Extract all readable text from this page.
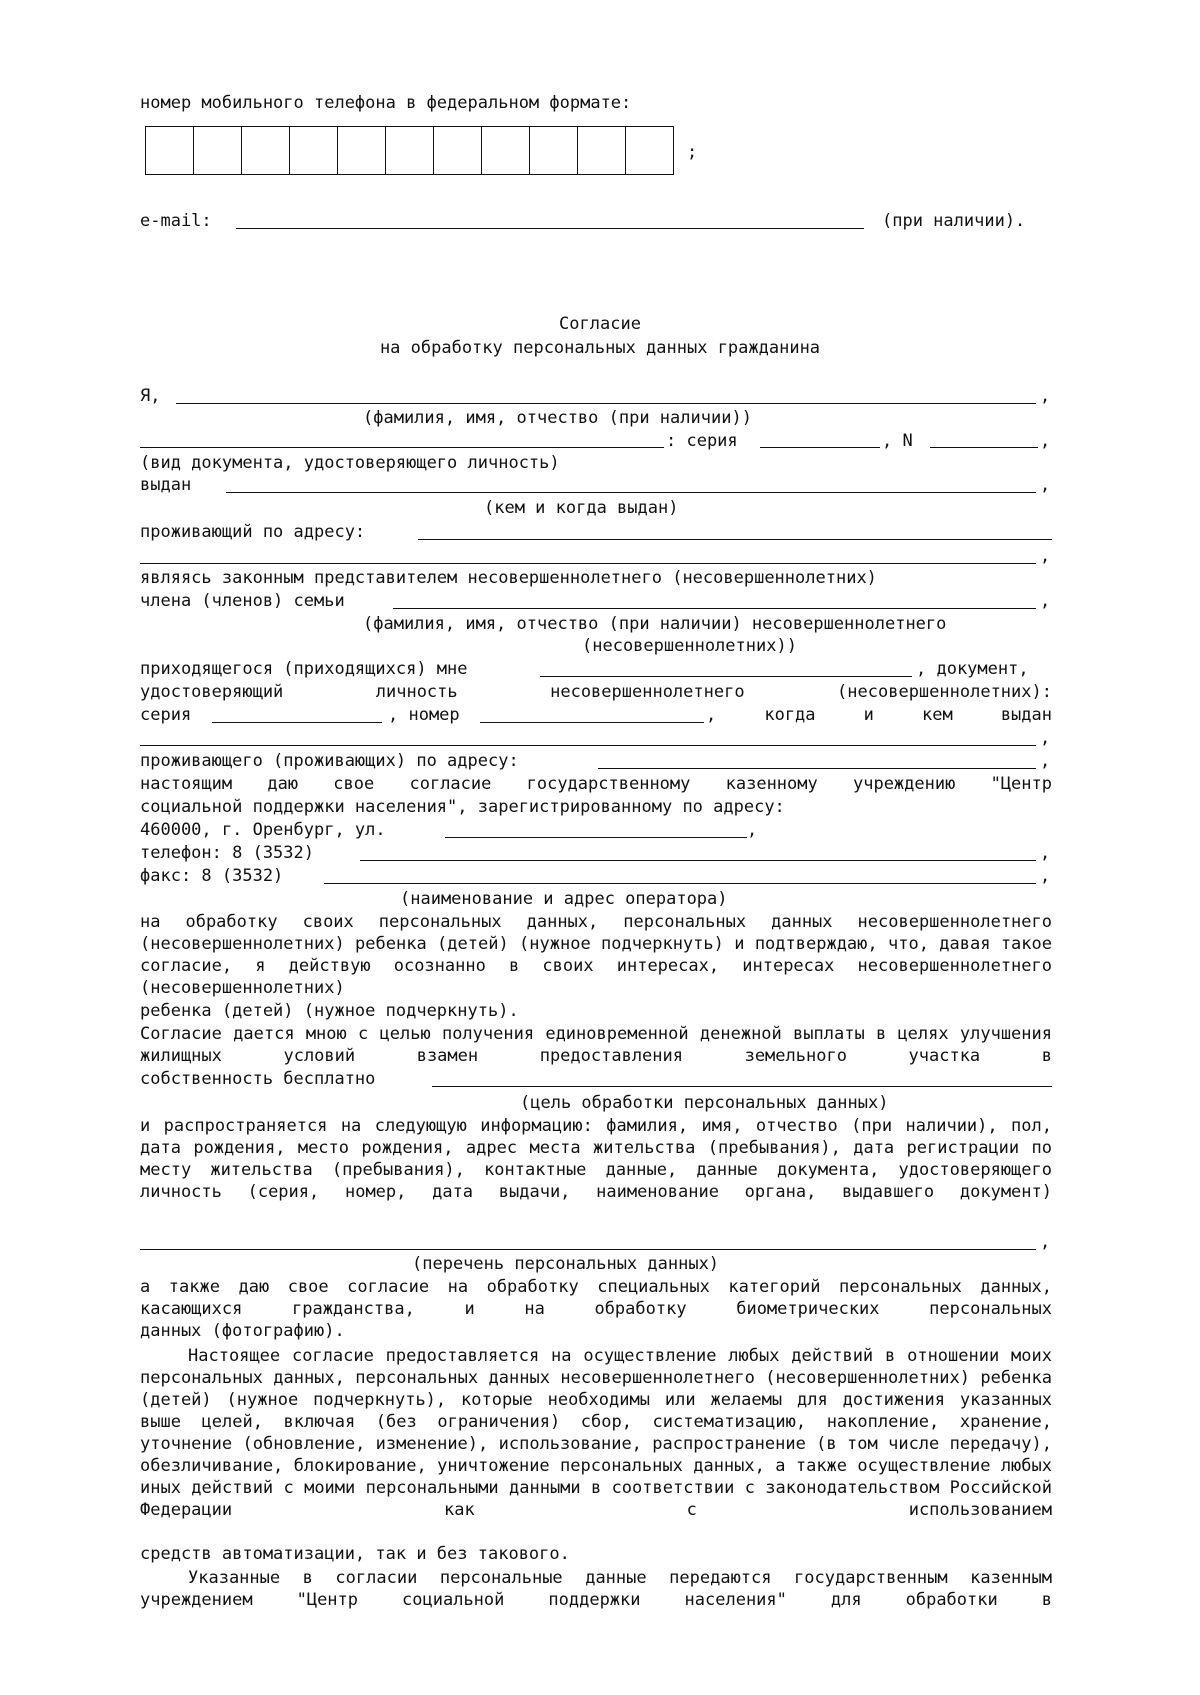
номер мобильного телефона в федеральном формате:
;
e-mail:	(при наличии).
Согласие
на обработку персональных данных гражданина
Я,	,
(фамилия, имя, отчество (при наличии))
: серия	, N	,
(вид документа, удостоверяющего личность)
выдан	,
(кем и когда выдан)
проживающий по адресу:
,
являясь законным представителем несовершеннолетнего (несовершеннолетних)
члена (членов) семьи	,
(фамилия, имя, отчество (при наличии) несовершеннолетнего
(несовершеннолетних))
приходящегося (приходящихся) мне	, документ,
удостоверяющий личность несовершеннолетнего (несовершеннолетних):
серия	, номер	, когда и кем выдан
,
проживающего (проживающих) по адресу:	,
настоящим даю свое согласие государственному казенному учреждению "Центр
социальной поддержки населения", зарегистрированному по адресу:
460000, г. Оренбург, ул.	,
телефон: 8 (3532)	,
факс: 8 (3532)	,
(наименование и адрес оператора)
на обработку своих персональных данных, персональных данных несовершеннолетнего (несовершеннолетних) ребенка (детей) (нужное подчеркнуть) и подтверждаю, что, давая такое согласие, я действую осознанно в своих интересах, интересах несовершеннолетнего (несовершеннолетних)
ребенка (детей) (нужное подчеркнуть).
Согласие дается мною с целью получения единовременной денежной выплаты в целях улучшения жилищных условий взамен предоставления земельного участка в
собственность бесплатно
(цель обработки персональных данных)
и распространяется на следующую информацию: фамилия, имя, отчество (при наличии), пол, дата рождения, место рождения, адрес места жительства (пребывания), дата регистрации по месту жительства (пребывания), контактные данные, данные документа, удостоверяющего личность (серия, номер, дата выдачи, наименование органа, выдавшего документ)
,
(перечень персональных данных)
а также даю свое согласие на обработку специальных категорий персональных данных, касающихся гражданства, и на обработку биометрических персональных
данных (фотографию).
Настоящее согласие предоставляется на осуществление любых действий в отношении моих персональных данных, персональных данных несовершеннолетнего (несовершеннолетних) ребенка (детей) (нужное подчеркнуть), которые необходимы или желаемы для достижения указанных выше целей, включая (без ограничения) сбор, систематизацию, накопление, хранение, уточнение (обновление, изменение), использование, распространение (в том числе передачу), обезличивание, блокирование, уничтожение персональных данных, а также осуществление любых иных действий с моими персональными данными в соответствии с законодательством Российской Федерации как с использованием
средств автоматизации, так и без такового.
Указанные в согласии персональные данные передаются государственным казенным учреждением "Центр социальной поддержки населения" для обработки в
